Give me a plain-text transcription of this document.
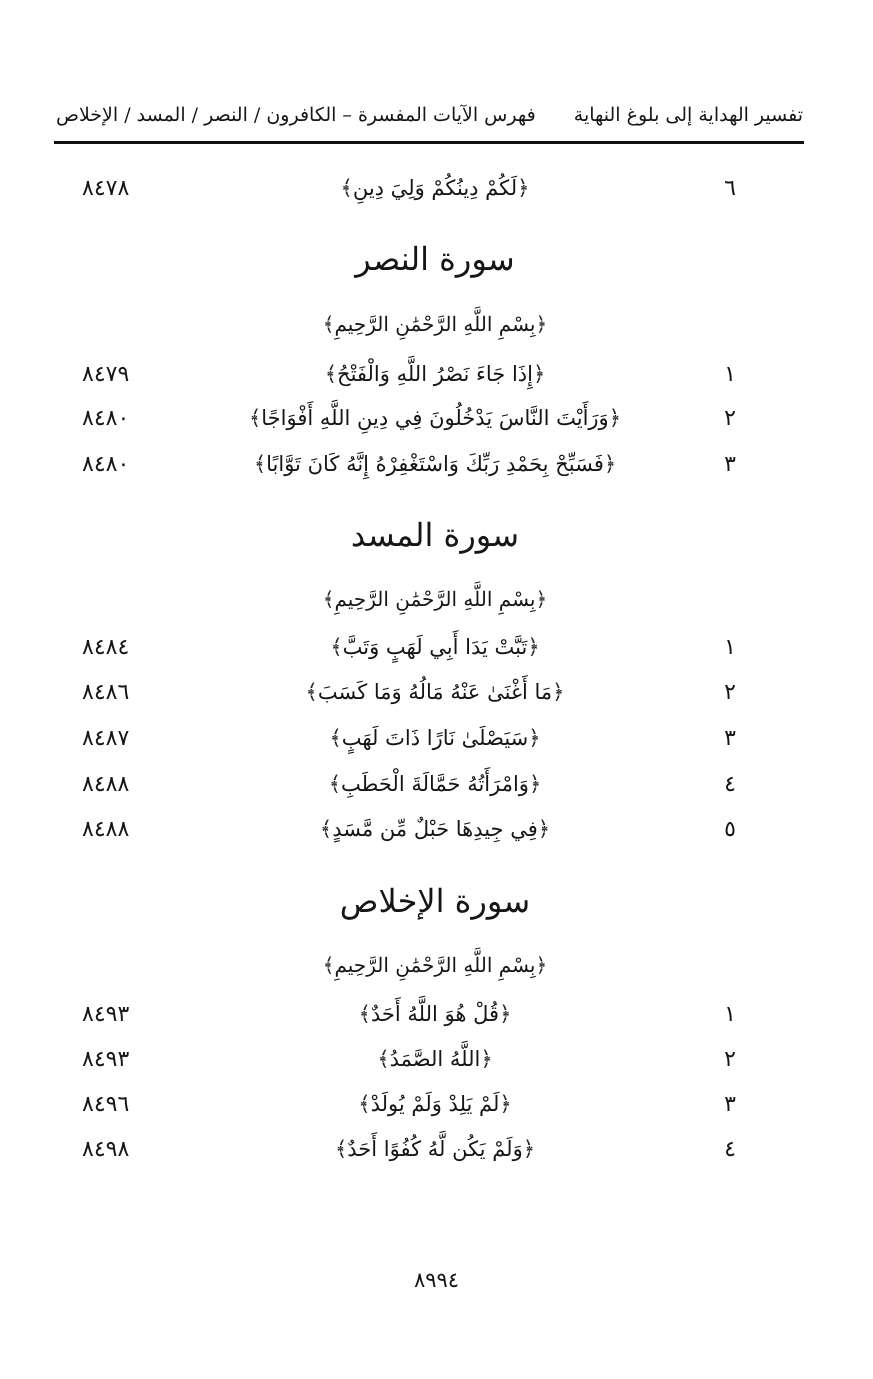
تفسير الهداية إلى بلوغ النهاية
فهرس الآيات المفسرة – الكافرون / النصر / المسد / الإخلاص
٦
﴿لَكُمْ دِينُكُمْ وَلِيَ دِينِ﴾
٨٤٧٨
سورة النصر
﴿بِسْمِ اللَّهِ الرَّحْمَٰنِ الرَّحِيمِ﴾
١
﴿إِذَا جَاءَ نَصْرُ اللَّهِ وَالْفَتْحُ﴾
٨٤٧٩
٢
﴿وَرَأَيْتَ النَّاسَ يَدْخُلُونَ فِي دِينِ اللَّهِ أَفْوَاجًا﴾
٨٤٨٠
٣
﴿فَسَبِّحْ بِحَمْدِ رَبِّكَ وَاسْتَغْفِرْهُ إِنَّهُ كَانَ تَوَّابًا﴾
٨٤٨٠
سورة المسد
﴿بِسْمِ اللَّهِ الرَّحْمَٰنِ الرَّحِيمِ﴾
١
﴿تَبَّتْ يَدَا أَبِي لَهَبٍ وَتَبَّ﴾
٨٤٨٤
٢
﴿مَا أَغْنَىٰ عَنْهُ مَالُهُ وَمَا كَسَبَ﴾
٨٤٨٦
٣
﴿سَيَصْلَىٰ نَارًا ذَاتَ لَهَبٍ﴾
٨٤٨٧
٤
﴿وَامْرَأَتُهُ حَمَّالَةَ الْحَطَبِ﴾
٨٤٨٨
٥
﴿فِي جِيدِهَا حَبْلٌ مِّن مَّسَدٍ﴾
٨٤٨٨
سورة الإخلاص
﴿بِسْمِ اللَّهِ الرَّحْمَٰنِ الرَّحِيمِ﴾
١
﴿قُلْ هُوَ اللَّهُ أَحَدٌ﴾
٨٤٩٣
٢
﴿اللَّهُ الصَّمَدُ﴾
٨٤٩٣
٣
﴿لَمْ يَلِدْ وَلَمْ يُولَدْ﴾
٨٤٩٦
٤
﴿وَلَمْ يَكُن لَّهُ كُفُوًا أَحَدٌ﴾
٨٤٩٨
٨٩٩٤
